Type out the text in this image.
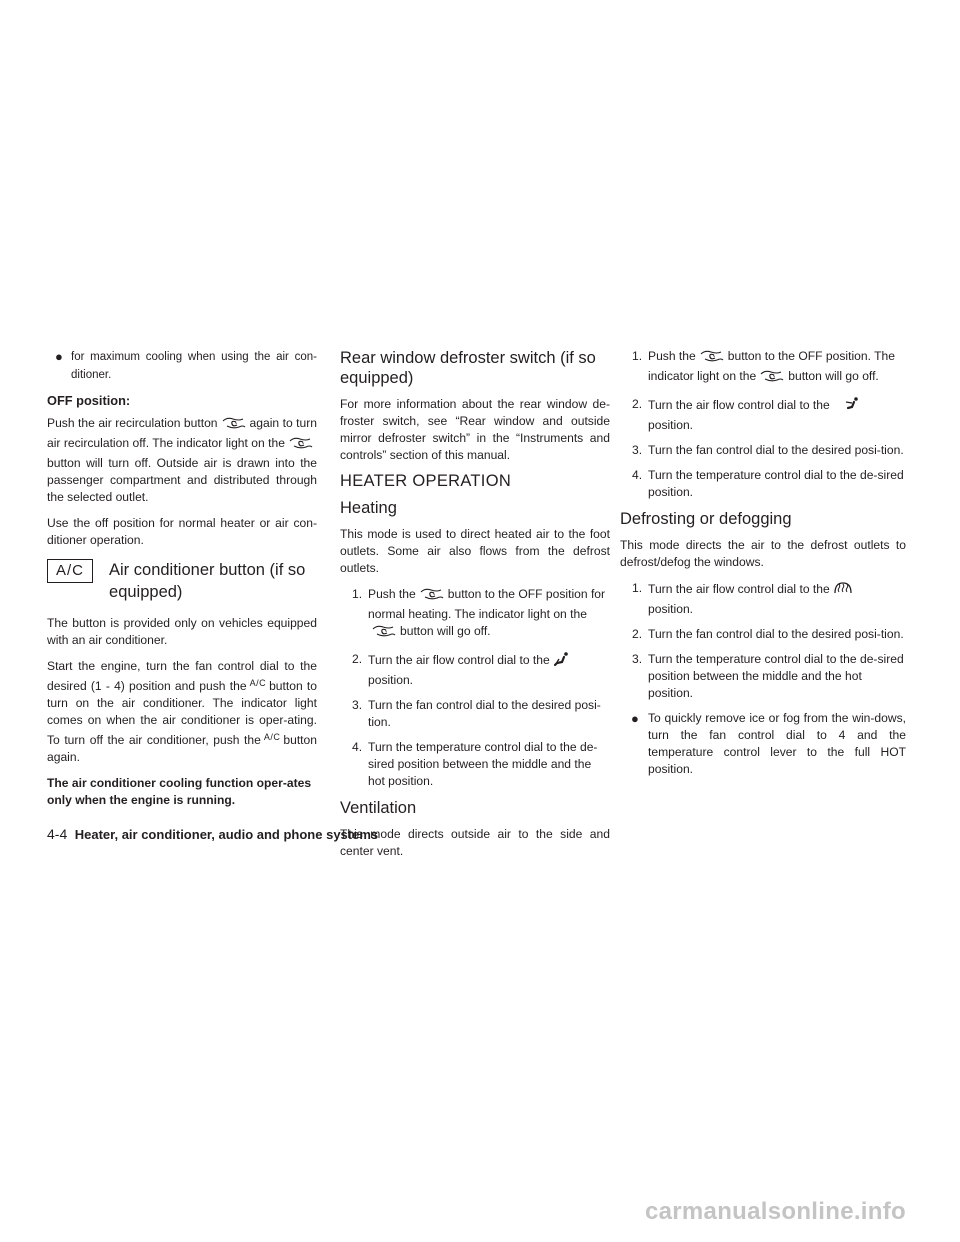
● for maximum cooling when using the air con-ditioner.
OFF position:

Push the air recirculation button	again to turn air recirculation off. The indicator light on thebutton will turn off. Outside air is drawn into the passenger compartment and distributed through the selected outlet.

Use the off position for normal heater or air con-ditioner operation.

A/C	Air conditioner button (if so equipped)

The button is provided only on vehicles equipped with an air conditioner.

Start the engine, turn the fan control dial to the desired (1 - 4) position and push the $^{A/C}$ button to turn on the air conditioner. The indicator light comes on when the air conditioner is oper-ating. To turn off the air conditioner, push the $^{A/C}$ button again.

The air conditioner cooling function oper-ates only when the engine is running.

Rear window defroster switch (if so equipped)

For more information about the rear window de-froster switch, see “Rear window and outside mirror defroster switch” in the “Instruments and controls” section of this manual.

HEATER OPERATION
Heating

This mode is used to direct heated air to the foot outlets. Some air also flows from the defrost outlets.

1. Push the	button to the OFF position for normal heating. The indicator light on thebutton will go off.
2. Turn the air flow control dial to the
position.
3. Turn the fan control dial to the desired posi-tion.
4. Turn the temperature control dial to the de-sired position between the middle and the hot position.
Ventilation

This mode directs outside air to the side and center vent.

1. Push the	button to the OFF position. The indicator light on the	button will go off.
2. Turn the air flow control dial to the
position.
3. Turn the fan control dial to the desired posi-tion.
4. Turn the temperature control dial to the de-sired position.
Defrosting or defogging

This mode directs the air to the defrost outlets to defrost/defog the windows.

1. Turn the air flow control dial to the
position.
2. Turn the fan control dial to the desired posi-tion.
3. Turn the temperature control dial to the de-sired position between the middle and the hot position.
● To quickly remove ice or fog from the win-dows, turn the fan control dial to 4 and the temperature control lever to the full HOT position.
4-4 Heater, air conditioner, audio and phone systems
carmanualsonline.info
